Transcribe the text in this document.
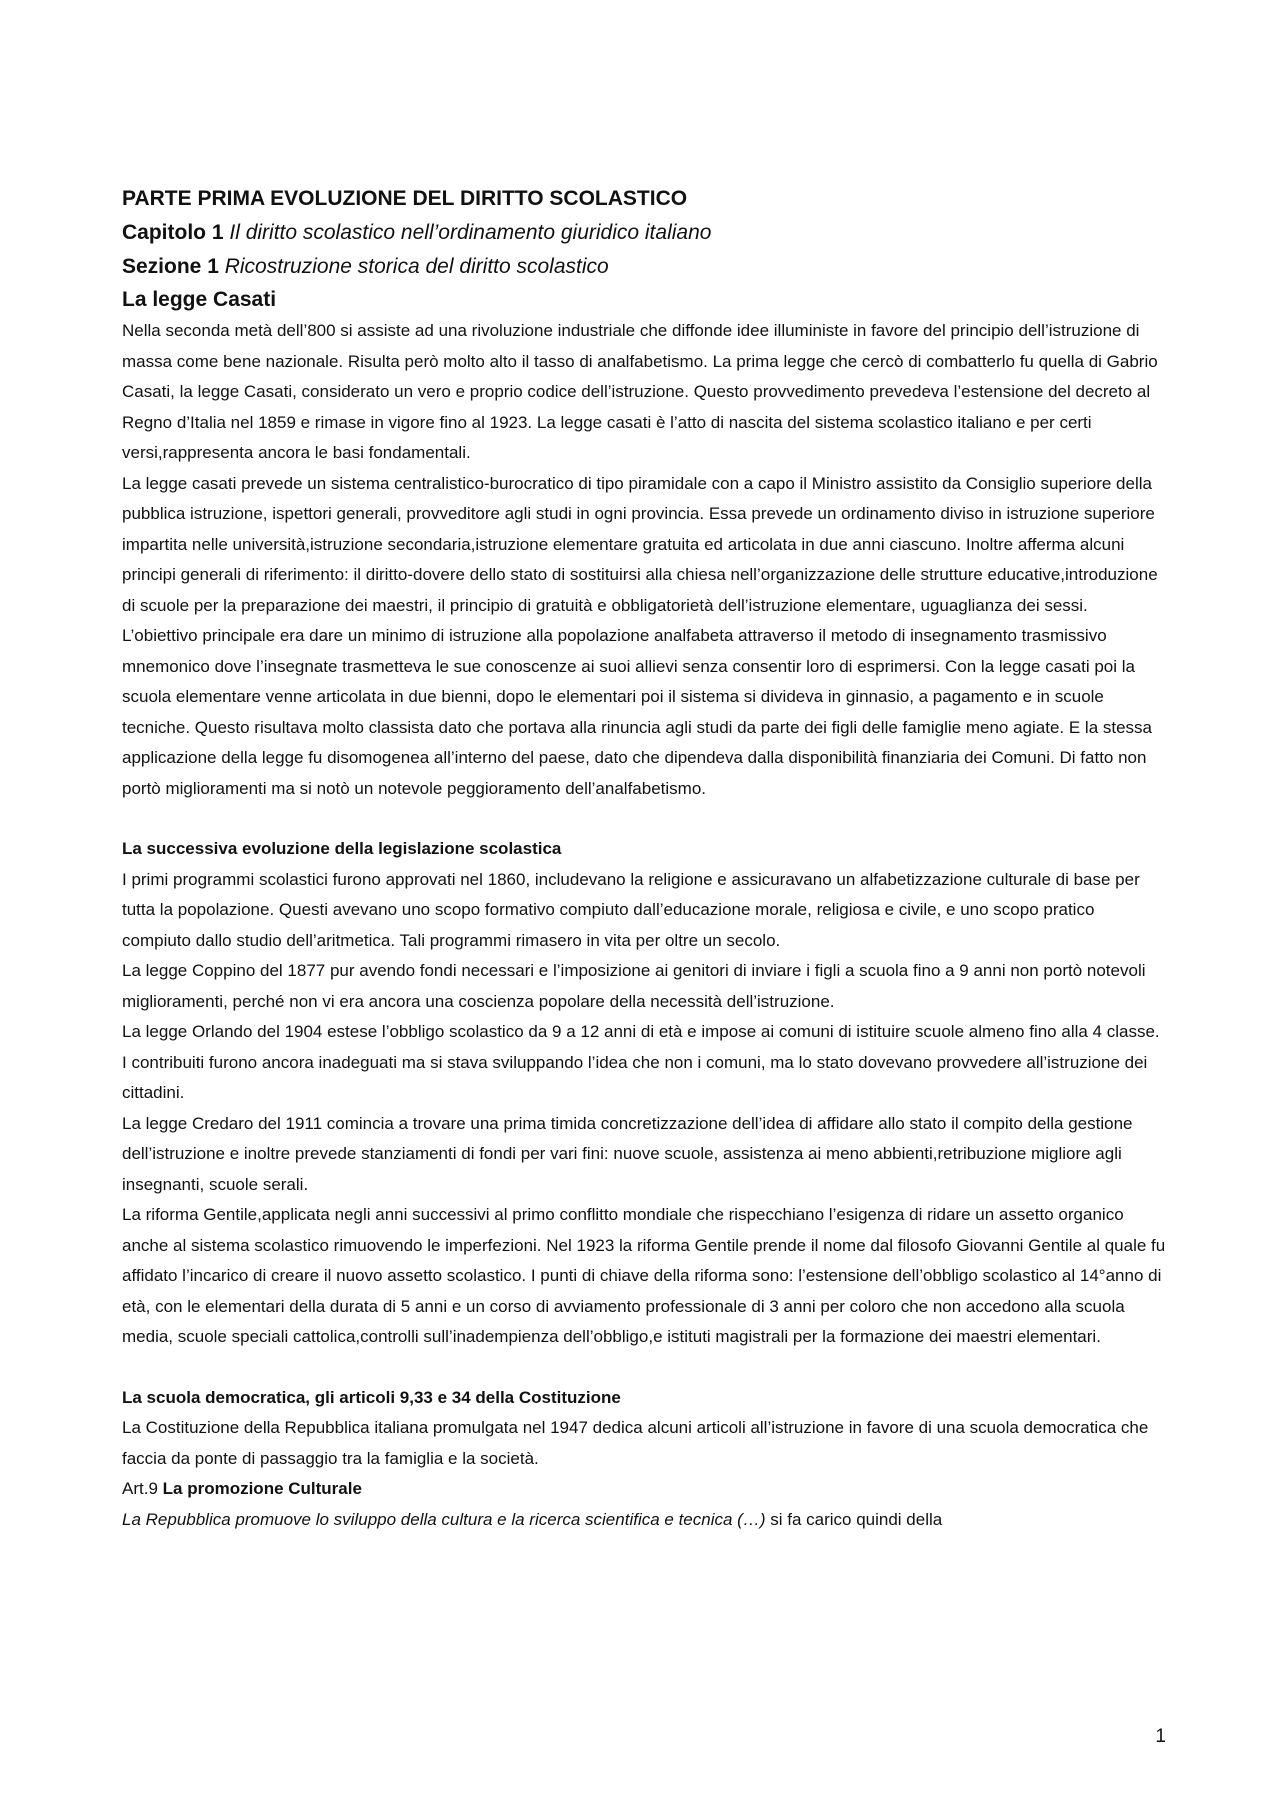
PARTE PRIMA EVOLUZIONE DEL DIRITTO SCOLASTICO
Capitolo 1 Il diritto scolastico nell’ordinamento giuridico italiano
Sezione 1 Ricostruzione storica del diritto scolastico
La legge Casati

Nella seconda metà dell’800 si assiste ad una rivoluzione industriale che diffonde idee illuministe in favore del principio dell’istruzione di massa come bene nazionale. Risulta però molto alto il tasso di analfabetismo. La prima legge che cercò di combatterlo fu quella di Gabrio Casati, la legge Casati, considerato un vero e proprio codice dell’istruzione. Questo provvedimento prevedeva l’estensione del decreto al Regno d’Italia nel 1859 e rimase in vigore fino al 1923. La legge casati è l’atto di nascita del sistema scolastico italiano e per certi versi,rappresenta ancora le basi fondamentali.

La legge casati prevede un sistema centralistico-burocratico di tipo piramidale con a capo il Ministro assistito da Consiglio superiore della pubblica istruzione, ispettori generali, provveditore agli studi in ogni provincia. Essa prevede un ordinamento diviso in istruzione superiore impartita nelle università,istruzione secondaria,istruzione elementare gratuita ed articolata in due anni ciascuno. Inoltre afferma alcuni principi generali di riferimento: il diritto-dovere dello stato di sostituirsi alla chiesa nell’organizzazione delle strutture educative,introduzione di scuole per la preparazione dei maestri, il principio di gratuità e obbligatorietà dell’istruzione elementare, uguaglianza dei sessi.

L’obiettivo principale era dare un minimo di istruzione alla popolazione analfabeta attraverso il metodo di insegnamento trasmissivo mnemonico dove l’insegnate trasmetteva le sue conoscenze ai suoi allievi senza consentir loro di esprimersi. Con la legge casati poi la scuola elementare venne articolata in due bienni, dopo le elementari poi il sistema si divideva in ginnasio, a pagamento e in scuole tecniche. Questo risultava molto classista dato che portava alla rinuncia agli studi da parte dei figli delle famiglie meno agiate. E la stessa applicazione della legge fu disomogenea all’interno del paese, dato che dipendeva dalla disponibilità finanziaria dei Comuni. Di fatto non portò miglioramenti ma si notò un notevole peggioramento dell’analfabetismo.

La successiva evoluzione della legislazione scolastica

I primi programmi scolastici furono approvati nel 1860, includevano la religione e assicuravano un alfabetizzazione culturale di base per tutta la popolazione. Questi avevano uno scopo formativo compiuto dall’educazione morale, religiosa e civile, e uno scopo pratico compiuto dallo studio dell’aritmetica. Tali programmi rimasero in vita per oltre un secolo.

La legge Coppino del 1877 pur avendo fondi necessari e l’imposizione ai genitori di inviare i figli a scuola fino a 9 anni non portò notevoli miglioramenti, perché non vi era ancora una coscienza popolare della necessità dell’istruzione.

La legge Orlando del 1904 estese l’obbligo scolastico da 9 a 12 anni di età e impose ai comuni di istituire scuole almeno fino alla 4 classe. I contribuiti furono ancora inadeguati ma si stava sviluppando l’idea che non i comuni, ma lo stato dovevano provvedere all’istruzione dei cittadini.

La legge Credaro del 1911 comincia a trovare una prima timida concretizzazione dell’idea di affidare allo stato il compito della gestione dell’istruzione e inoltre prevede stanziamenti di fondi per vari fini: nuove scuole, assistenza ai meno abbienti,retribuzione migliore agli insegnanti, scuole serali.

La riforma Gentile,applicata negli anni successivi al primo conflitto mondiale che rispecchiano l’esigenza di ridare un assetto organico anche al sistema scolastico rimuovendo le imperfezioni. Nel 1923 la riforma Gentile prende il nome dal filosofo Giovanni Gentile al quale fu affidato l’incarico di creare il nuovo assetto scolastico. I punti di chiave della riforma sono: l’estensione dell’obbligo scolastico al 14°anno di età, con le elementari della durata di 5 anni e un corso di avviamento professionale di 3 anni per coloro che non accedono alla scuola media, scuole speciali cattolica,controlli sull’inadempienza dell’obbligo,e istituti magistrali per la formazione dei maestri elementari.

La scuola democratica, gli articoli 9,33 e 34 della Costituzione

La Costituzione della Repubblica italiana promulgata nel 1947 dedica alcuni articoli all’istruzione in favore di una scuola democratica che faccia da ponte di passaggio tra la famiglia e la società.

Art.9 La promozione Culturale
La Repubblica promuove lo sviluppo della cultura e la ricerca scientifica e tecnica (…) si fa carico quindi della
1
